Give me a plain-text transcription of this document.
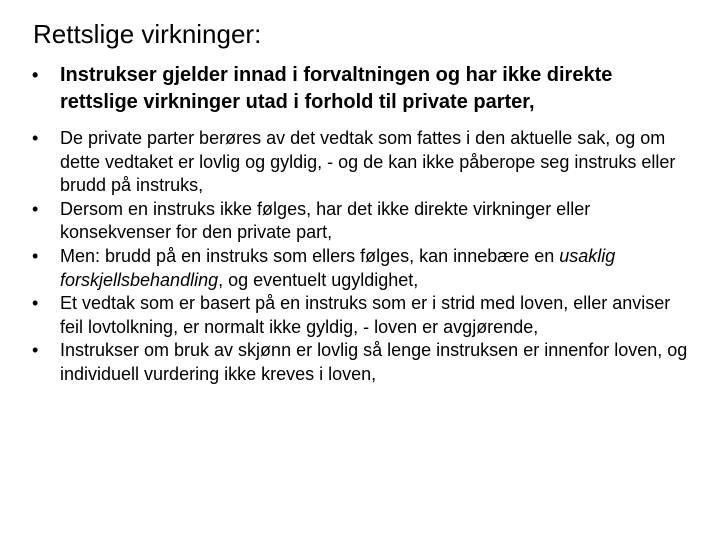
Rettslige virkninger:
• Instrukser gjelder innad i forvaltningen og har ikke direkte rettslige virkninger utad i forhold til private parter,
• De private parter berøres av det vedtak som fattes i den aktuelle sak, og om dette vedtaket er lovlig og gyldig, - og de kan ikke påberope seg instruks eller brudd på instruks,
• Dersom en instruks ikke følges, har det ikke direkte virkninger eller konsekvenser for den private part,
• Men: brudd på en instruks som ellers følges, kan innebære en usaklig forskjellsbehandling, og eventuelt ugyldighet,
• Et vedtak som er basert på en instruks som er i strid med loven, eller anviser feil lovtolkning, er normalt ikke gyldig, - loven er avgjørende,
• Instrukser om bruk av skjønn er lovlig så lenge instruksen er innenfor loven, og individuell vurdering ikke kreves i loven,
